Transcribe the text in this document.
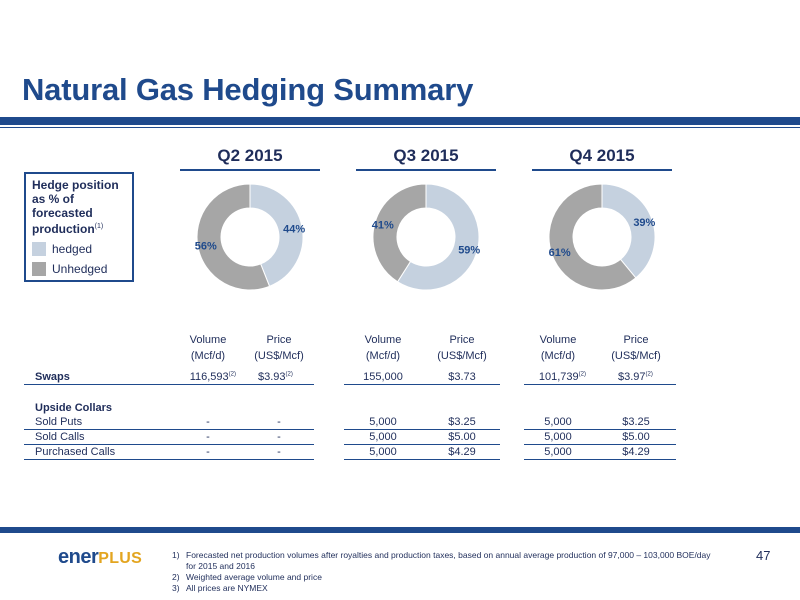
Natural Gas Hedging Summary
Hedge position
as % of
forecasted
production$^{(1)}$
hedged
Unhedged
Q2 2015
44%
56%
Q3 2015
59%
41%
Q4 2015
39%
61%
Volume
(Mcf/d)
Price
(US$/Mcf)
Volume
(Mcf/d)
Price
(US$/Mcf)
Volume
(Mcf/d)
Price
(US$/Mcf)
Swaps	116,593$^{(2)}$ $3.93$^{(2)}$	155,000	$3.73	101,739$^{(2)}$	$3.97$^{(2)}$
Upside Collars
Sold Puts	-	-	5,000	$3.25	5,000	$3.25
Sold Calls	-	-	5,000	$5.00	5,000	$5.00
Purchased Calls	-	-	5,000	$4.29	5,000	$4.29
enerPLUS	1) Forecasted net production volumes after royalties and production taxes, based on annual average production of 97,000 – 103,000 BOE/day for 2015 and 2016
2) Weighted average volume and price
3) All prices are NYMEX
47
